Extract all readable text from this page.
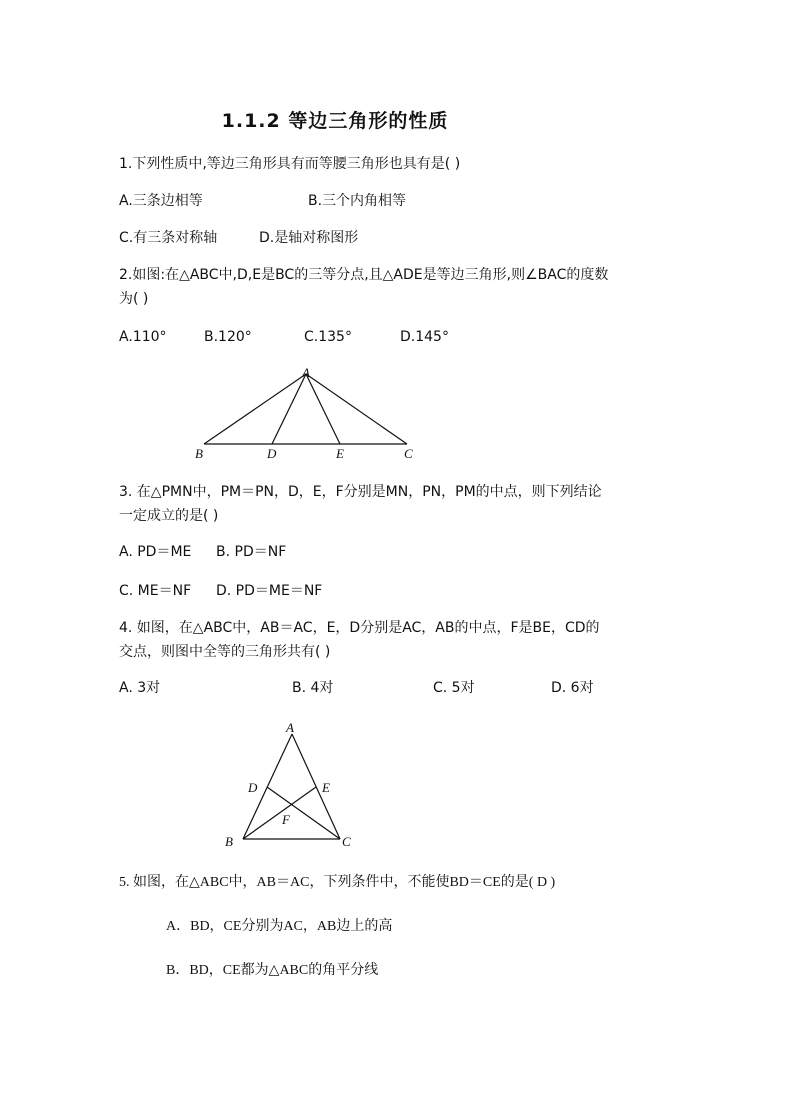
1.1.2 等边三角形的性质
1.下列性质中,等边三角形具有而等腰三角形也具有是( )
A.三条边相等	B.三个内角相等
C.有三条对称轴	D.是轴对称图形
2.如图:在△ABC中,D,E是BC的三等分点,且△ADE是等边三角形,则∠BAC的度数
为( )
A.110°	B.120°	C.135°	D.145°
A
B	D	E	C
3. 在△PMN中，PM＝PN，D，E，F分别是MN，PN，PM的中点，则下列结论
一定成立的是( )
A. PD＝ME B. PD＝NF
C. ME＝NF D. PD＝ME＝NF
4. 如图，在△ABC中，AB＝AC，E，D分别是AC，AB的中点，F是BE，CD的
交点，则图中全等的三角形共有( )
A. 3对	B. 4对	C. 5对	D. 6对
A
D	E
F
B	C
5. 如图，在△ABC中，AB＝AC，下列条件中，不能使BD＝CE的是( D )
A．BD，CE分别为AC，AB边上的高
B．BD，CE都为△ABC的角平分线
